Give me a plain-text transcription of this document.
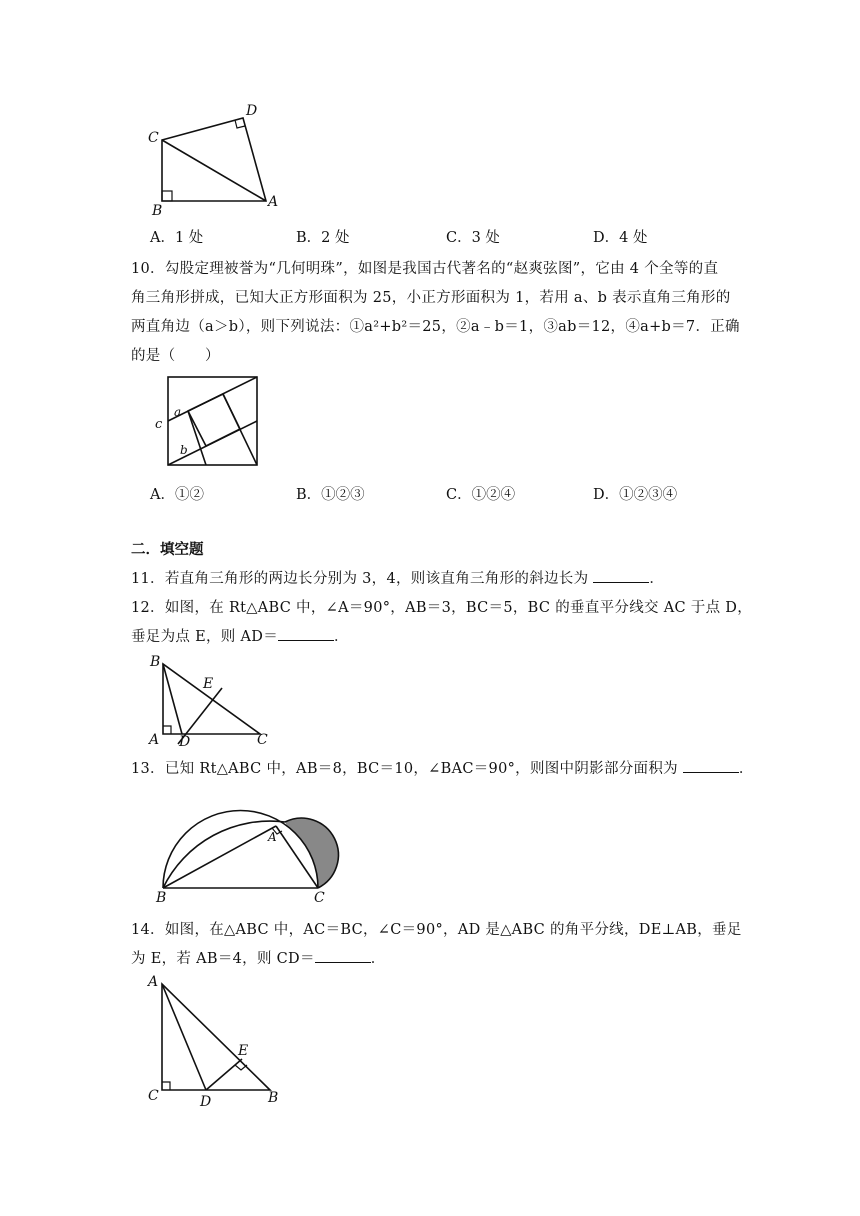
C
D
B
A
A．1 处	B．2 处	C．3 处	D．4 处
10．勾股定理被誉为“几何明珠”，如图是我国古代著名的“赵爽弦图”，它由 4 个全等的直
角三角形拼成，已知大正方形面积为 25，小正方形面积为 1，若用 a、b 表示直角三角形的
两直角边（a＞b），则下列说法：①a²+b²＝25，②a﹣b＝1，③ab＝12，④a+b＝7．正确
的是（　　）
a
b
c
A．①②	B．①②③	C．①②④	D．①②③④
二．填空题
11．若直角三角形的两边长分别为 3，4，则该直角三角形的斜边长为	．
12．如图，在 Rt△ABC 中，∠A＝90°，AB＝3，BC＝5，BC 的垂直平分线交 AC 于点 D，
垂足为点 E，则 AD＝	．
B
E
A D	C
13．已知 Rt△ABC 中，AB＝8，BC＝10，∠BAC＝90°，则图中阴影部分面积为	．
A
B	C
14．如图，在△ABC 中，AC＝BC，∠C＝90°，AD 是△ABC 的角平分线，DE⊥AB，垂足
为 E，若 AB＝4，则 CD＝	．
A
E
C	D	B
